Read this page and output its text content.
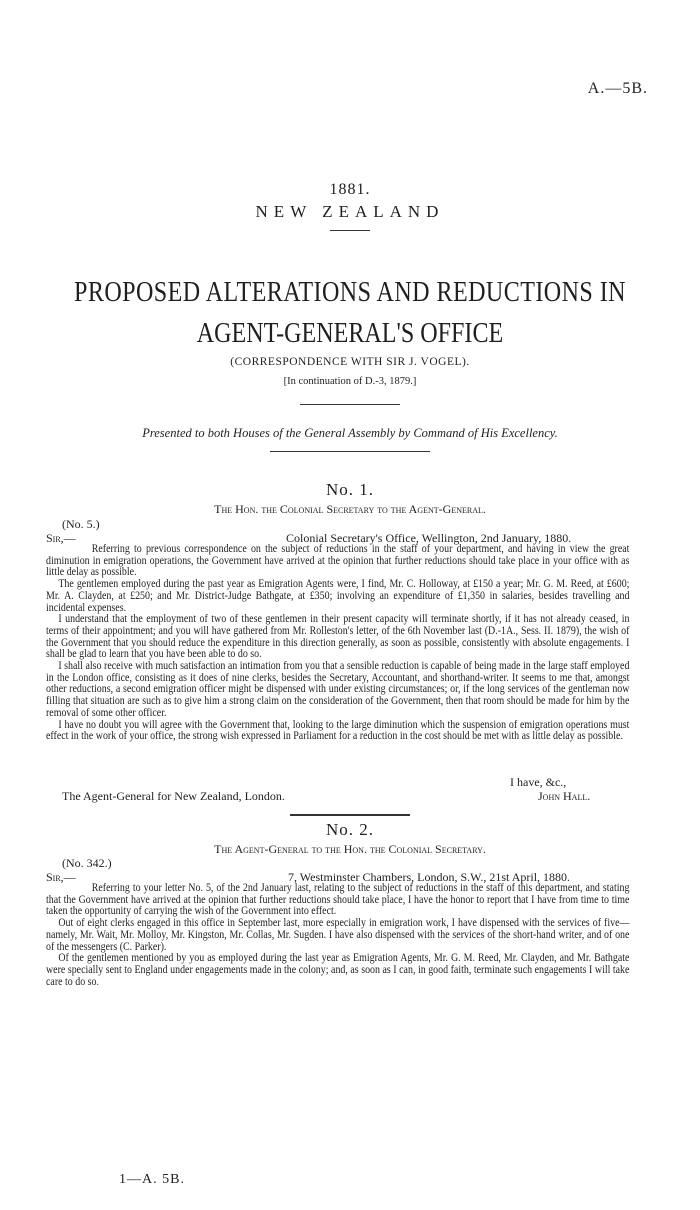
A.—5B.
1881.
NEW ZEALAND
PROPOSED ALTERATIONS AND REDUCTIONS IN
AGENT-GENERAL'S OFFICE
(CORRESPONDENCE WITH SIR J. VOGEL).
[In continuation of D.-3, 1879.]
Presented to both Houses of the General Assembly by Command of His Excellency.
No. 1.
The Hon. the Colonial Secretary to the Agent-General.
(No. 5.)
Sir,—	Colonial Secretary's Office, Wellington, 2nd January, 1880.

Referring to previous correspondence on the subject of reductions in the staff of your department, and having in view the great diminution in emigration operations, the Government have arrived at the opinion that further reductions should take place in your office with as little delay as possible.

The gentlemen employed during the past year as Emigration Agents were, I find, Mr. C. Holloway, at £150 a year; Mr. G. M. Reed, at £600; Mr. A. Clayden, at £250; and Mr. District-Judge Bathgate, at £350; involving an expenditure of £1,350 in salaries, besides travelling and incidental expenses.

I understand that the employment of two of these gentlemen in their present capacity will terminate shortly, if it has not already ceased, in terms of their appointment; and you will have gathered from Mr. Rolleston's letter, of the 6th November last (D.-1A., Sess. II. 1879), the wish of the Government that you should reduce the expenditure in this direction generally, as soon as possible, consistently with absolute engagements. I shall be glad to learn that you have been able to do so.

I shall also receive with much satisfaction an intimation from you that a sensible reduction is capable of being made in the large staff employed in the London office, consisting as it does of nine clerks, besides the Secretary, Accountant, and shorthand-writer. It seems to me that, amongst other reductions, a second emigration officer might be dispensed with under existing circumstances; or, if the long services of the gentleman now filling that situation are such as to give him a strong claim on the consideration of the Government, then that room should be made for him by the removal of some other officer.

I have no doubt you will agree with the Government that, looking to the large diminution which the suspension of emigration operations must effect in the work of your office, the strong wish expressed in Parliament for a reduction in the cost should be met with as little delay as possible.

I have, &c.,
The Agent-General for New Zealand, London.	John Hall.
No. 2.
The Agent-General to the Hon. the Colonial Secretary.
(No. 342.)
Sir,—	7, Westminster Chambers, London, S.W., 21st April, 1880.

Referring to your letter No. 5, of the 2nd January last, relating to the subject of reductions in the staff of this department, and stating that the Government have arrived at the opinion that further reductions should take place, I have the honor to report that I have from time to time taken the opportunity of carrying the wish of the Government into effect.

Out of eight clerks engaged in this office in September last, more especially in emigration work, I have dispensed with the services of five—namely, Mr. Wait, Mr. Molloy, Mr. Kingston, Mr. Collas, Mr. Sugden. I have also dispensed with the services of the short-hand writer, and of one of the messengers (C. Parker).

Of the gentlemen mentioned by you as employed during the last year as Emigration Agents, Mr. G. M. Reed, Mr. Clayden, and Mr. Bathgate were specially sent to England under engagements made in the colony; and, as soon as I can, in good faith, terminate such engagements I will take care to do so.

1—A. 5B.
